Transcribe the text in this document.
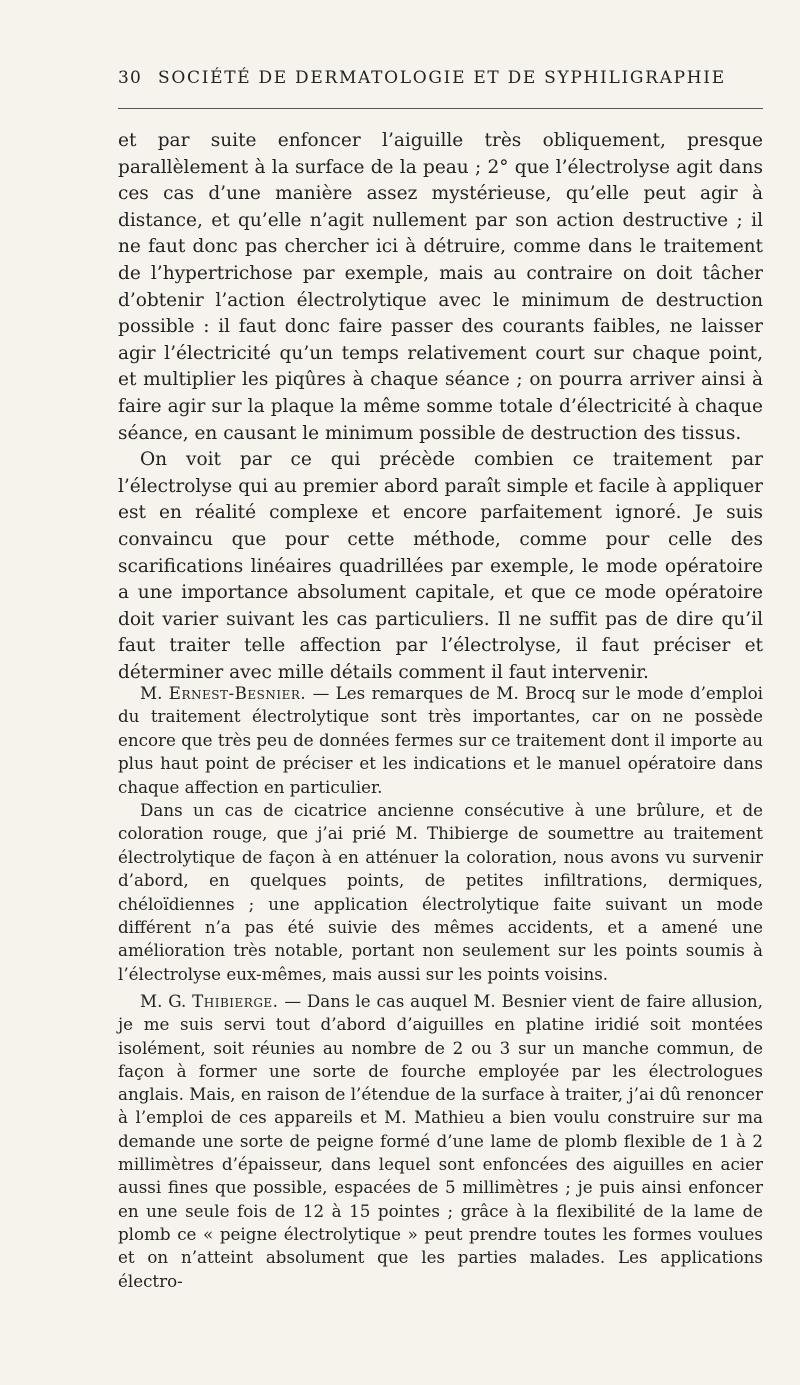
30 SOCIÉTÉ DE DERMATOLOGIE ET DE SYPHILIGRAPHIE

et par suite enfoncer l’aiguille très obliquement, presque parallèlement à la surface de la peau ; 2° que l’électrolyse agit dans ces cas d’une manière assez mystérieuse, qu’elle peut agir à distance, et qu’elle n’agit nullement par son action destructive ; il ne faut donc pas chercher ici à détruire, comme dans le traitement de l’hypertrichose par exemple, mais au contraire on doit tâcher d’obtenir l’action électrolytique avec le minimum de destruction possible : il faut donc faire passer des courants faibles, ne laisser agir l’électricité qu’un temps relativement court sur chaque point, et multiplier les piqûres à chaque séance ; on pourra arriver ainsi à faire agir sur la plaque la même somme totale d’électricité à chaque séance, en causant le minimum possible de destruction des tissus.

On voit par ce qui précède combien ce traitement par l’électrolyse qui au premier abord paraît simple et facile à appliquer est en réalité complexe et encore parfaitement ignoré. Je suis convaincu que pour cette méthode, comme pour celle des scarifications linéaires quadrillées par exemple, le mode opératoire a une importance absolument capitale, et que ce mode opératoire doit varier suivant les cas particuliers. Il ne suffit pas de dire qu’il faut traiter telle affection par l’électrolyse, il faut préciser et déterminer avec mille détails comment il faut intervenir.

M. Ernest-Besnier. — Les remarques de M. Brocq sur le mode d’emploi du traitement électrolytique sont très importantes, car on ne possède encore que très peu de données fermes sur ce traitement dont il importe au plus haut point de préciser et les indications et le manuel opératoire dans chaque affection en particulier.

Dans un cas de cicatrice ancienne consécutive à une brûlure, et de coloration rouge, que j’ai prié M. Thibierge de soumettre au traitement électrolytique de façon à en atténuer la coloration, nous avons vu survenir d’abord, en quelques points, de petites infiltrations, dermiques, chéloïdiennes ; une application électrolytique faite suivant un mode différent n’a pas été suivie des mêmes accidents, et a amené une amélioration très notable, portant non seulement sur les points soumis à l’électrolyse eux-mêmes, mais aussi sur les points voisins.

M. G. Thibierge. — Dans le cas auquel M. Besnier vient de faire allusion, je me suis servi tout d’abord d’aiguilles en platine iridié soit montées isolément, soit réunies au nombre de 2 ou 3 sur un manche commun, de façon à former une sorte de fourche employée par les électrologues anglais. Mais, en raison de l’étendue de la surface à traiter, j’ai dû renoncer à l’emploi de ces appareils et M. Mathieu a bien voulu construire sur ma demande une sorte de peigne formé d’une lame de plomb flexible de 1 à 2 millimètres d’épaisseur, dans lequel sont enfoncées des aiguilles en acier aussi fines que possible, espacées de 5 millimètres ; je puis ainsi enfoncer en une seule fois de 12 à 15 pointes ; grâce à la flexibilité de la lame de plomb ce « peigne électrolytique » peut prendre toutes les formes voulues et on n’atteint absolument que les parties malades. Les applications électro-
